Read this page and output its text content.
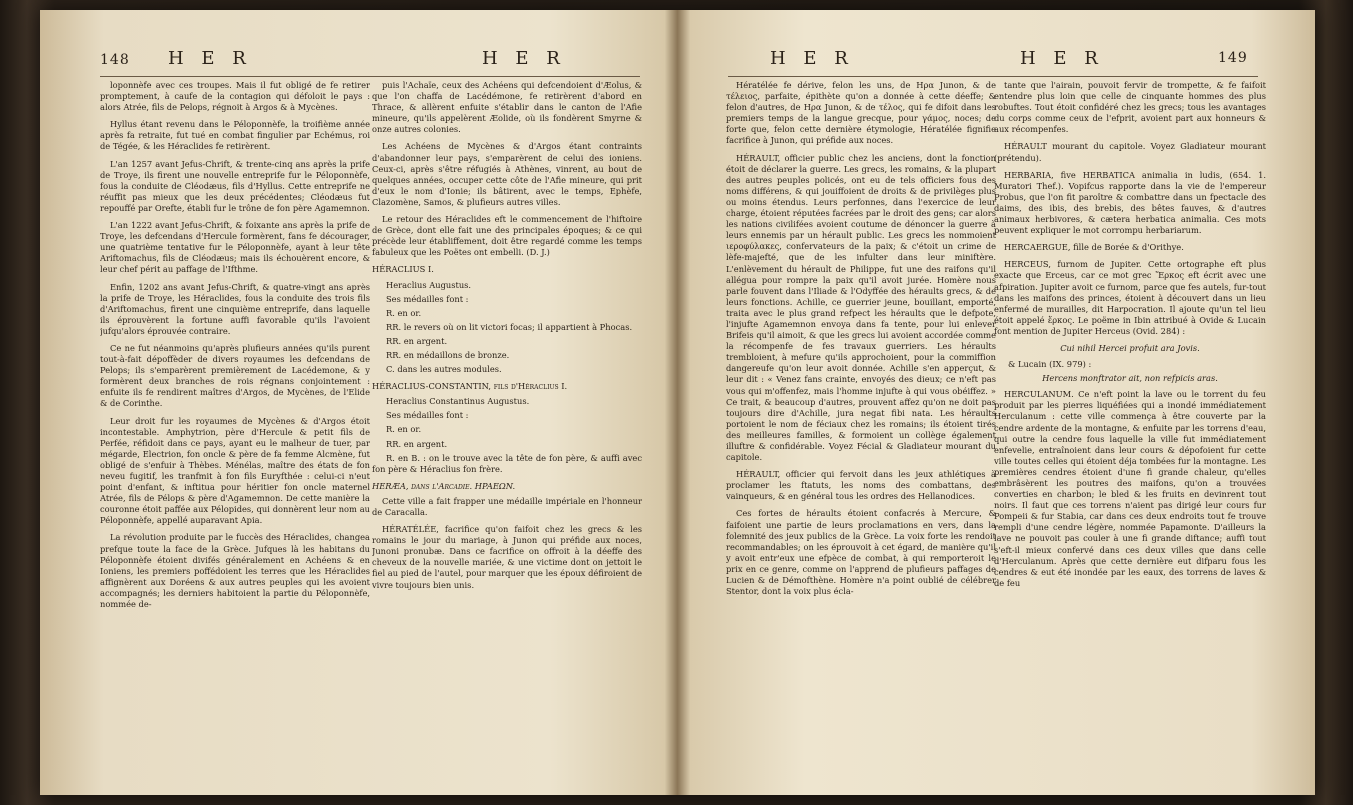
148 H E R	H E R

loponnèfe avec ces troupes. Mais il fut obligé de fe retirer promptement, à caufe de la contagion qui défoloit le pays : alors Atrée, fils de Pelops, régnoit à Argos & à Mycènes.

Hyllus étant revenu dans le Péloponnèfe, la troifième année après fa retraite, fut tué en combat fingulier par Echémus, roi de Tégée, & les Héraclides fe retirèrent.

L'an 1257 avant Jefus-Chrift, & trente-cinq ans après la prife de Troye, ils firent une nouvelle entreprife fur le Péloponnèfe, fous la conduite de Cléodæus, fils d'Hyllus. Cette entreprife ne réuffit pas mieux que les deux précédentes; Cléodæus fut repouffé par Orefte, établi fur le trône de fon père Agamemnon.

L'an 1222 avant Jefus-Chrift, & foixante ans après la prife de Troye, les defcendans d'Hercule formèrent, fans fe décourager, une quatrième tentative fur le Péloponnèfe, ayant à leur tête Ariftomachus, fils de Cléodæus; mais ils échouèrent encore, & leur chef périt au paffage de l'Ifthme.

Enfin, 1202 ans avant Jefus-Chrift, & quatre-vingt ans après la prife de Troye, les Héraclides, fous la conduite des trois fils d'Ariftomachus, firent une cinquième entreprife, dans laquelle ils éprouvèrent la fortune auffi favorable qu'ils l'avoient jufqu'alors éprouvée contraire.

Ce ne fut néanmoins qu'après plufieurs années qu'ils purent tout-à-fait dépoffèder de divers royaumes les defcendans de Pelops; ils s'emparèrent premièrement de Lacédemone, & y formèrent deux branches de rois régnans conjointement : enfuite ils fe rendirent maîtres d'Argos, de Mycènes, de l'Elide & de Corinthe.

Leur droit fur les royaumes de Mycènes & d'Argos étoit incontestable. Amphytrion, père d'Hercule & petit fils de Perfée, réfidoit dans ce pays, ayant eu le malheur de tuer, par mégarde, Electrion, fon oncle & père de fa femme Alcmène, fut obligé de s'enfuir à Thèbes. Ménélas, maître des états de fon neveu fugitif, les tranfmit à fon fils Euryfthée : celui-ci n'eut point d'enfant, & inftitua pour héritier fon oncle maternel Atrée, fils de Pélops & père d'Agamemnon. De cette manière la couronne étoit paffée aux Pélopides, qui donnèrent leur nom au Péloponnèfe, appellé auparavant Apia.

La révolution produite par le fuccès des Héraclides, changea prefque toute la face de la Grèce. Jufques là les habitans du Péloponnèfe étoient divifés généralement en Achéens & en Ioniens, les premiers poffédoient les terres que les Héraclides affignèrent aux Doréens & aux autres peuples qui les avoient accompagnés; les derniers habitoient la partie du Péloponnèfe, nommée de-

puis l'Achaïe, ceux des Achéens qui defcendoient d'Æolus, & que l'on chaffa de Lacédémone, fe retirèrent d'abord en Thrace, & allèrent enfuite s'établir dans le canton de l'Afie mineure, qu'ils appelèrent Æolide, où ils fondèrent Smyrne & onze autres colonies.

Les Achéens de Mycènes & d'Argos étant contraints d'abandonner leur pays, s'emparèrent de celui des ioniens. Ceux-ci, après s'être réfugiés à Athènes, vinrent, au bout de quelques années, occuper cette côte de l'Afie mineure, qui prit d'eux le nom d'Ionie; ils bâtirent, avec le temps, Ephèfe, Clazomène, Samos, & plufieurs autres villes.

Le retour des Héraclides eft le commencement de l'hiftoire de Grèce, dont elle fait une des principales époques; & ce qui précède leur établiffement, doit être regardé comme les temps fabuleux que les Poëtes ont embelli. (D. J.)

HÉRACLIUS I.

Heraclius Augustus.

Ses médailles font :

R. en or.

RR. le revers où on lit victori focas; il appartient à Phocas.

RR. en argent.

RR. en médaillons de bronze.

C. dans les autres modules.

HÉRACLIUS-CONSTANTIN, fils d'Héraclius I.

Heraclius Constantinus Augustus.

Ses médailles font :

R. en or.

RR. en argent.

R. en B. : on le trouve avec la tête de fon père, & auffi avec fon père & Héraclius fon frère.

HERÆA, dans l'Arcadie. HPAEΩN.

Cette ville a fait frapper une médaille impériale en l'honneur de Caracalla.

HÉRATÉLÉE, facrifice qu'on faifoit chez les grecs & les romains le jour du mariage, à Junon qui préfide aux noces, Junoni pronubæ. Dans ce facrifice on offroit à la déeffe des cheveux de la nouvelle mariée, & une victime dont on jettoit le fiel au pied de l'autel, pour marquer que les époux défiroient de vivre toujours bien unis.

H E R	H E R	149

Hératélée fe dérive, felon les uns, de Hρα Junon, & de τέλειος, parfaite, épithète qu'on a donnée à cette déeffe; & felon d'autres, de Hρα Junon, & de τέλος, qui fe difoit dans les premiers temps de la langue grecque, pour γάμος, noces; de forte que, felon cette dernière étymologie, Hératélée fignifie facrifice à Junon, qui préfide aux noces.

HÉRAULT, officier public chez les anciens, dont la fonction étoit de déclarer la guerre. Les grecs, les romains, & la plupart des autres peuples policés, ont eu de tels officiers fous des noms différens, & qui jouiffoient de droits & de privilèges plus ou moins étendus. Leurs perfonnes, dans l'exercice de leur charge, étoient réputées facrées par le droit des gens; car alors les nations civilifées avoient coutume de dénoncer la guerre à leurs ennemis par un hérault public. Les grecs les nommoient ιεροφύλακες, confervateurs de la paix; & c'étoit un crime de lèfe-majefté, que de les infulter dans leur miniftère. L'enlèvement du hérault de Philippe, fut une des raifons qu'il allégua pour rompre la paix qu'il avoit jurée. Homère nous parle fouvent dans l'Iliade & l'Odyffée des héraults grecs, & de leurs fonctions. Achille, ce guerrier jeune, bouillant, emporté, traita avec le plus grand refpect les héraults que le defpote, l'injufte Agamemnon envoya dans fa tente, pour lui enlever Brifeis qu'il aimoit, & que les grecs lui avoient accordée comme la récompenfe de fes travaux guerriers. Les héraults trembloient, à mefure qu'ils approchoient, pour la commiffion dangereufe qu'on leur avoit donnée. Achille s'en apperçut, & leur dit : « Venez fans crainte, envoyés des dieux; ce n'eft pas vous qui m'offenfez, mais l'homme injufte à qui vous obéiffez. » Ce trait, & beaucoup d'autres, prouvent affez qu'on ne doit pas toujours dire d'Achille, jura negat fibi nata. Les héraults portoient le nom de féciaux chez les romains; ils étoient tirés des meilleures familles, & formoient un collège également illuftre & confidérable. Voyez Fécial & Gladiateur mourant du capitole.

HÉRAULT, officier qui fervoit dans les jeux athlétiques à proclamer les ftatuts, les noms des combattans, des vainqueurs, & en général tous les ordres des Hellanodices.

Ces fortes de héraults étoient confacrés à Mercure, & faifoient une partie de leurs proclamations en vers, dans la folemnité des jeux publics de la Grèce. La voix forte les rendoit recommandables; on les éprouvoit à cet égard, de manière qu'il y avoit entr'eux une efpèce de combat, à qui remporteroit le prix en ce genre, comme on l'apprend de plufieurs paffages de Lucien & de Démofthène. Homère n'a point oublié de célébrer Stentor, dont la voix plus écla-

tante que l'airain, pouvoit fervir de trompette, & fe faifoit entendre plus loin que celle de cinquante hommes des plus robuftes. Tout étoit confidéré chez les grecs; tous les avantages du corps comme ceux de l'efprit, avoient part aux honneurs & aux récompenfes.

HÉRAULT mourant du capitole. Voyez Gladiateur mourant (prétendu).

HERBARIA, five HERBATICA animalia in ludis, (654. 1. Muratori Thef.). Vopifcus rapporte dans la vie de l'empereur Probus, que l'on fit paroître & combattre dans un fpectacle des daims, des ibis, des brebis, des bêtes fauves, & d'autres animaux herbivores, & cætera herbatica animalia. Ces mots peuvent expliquer le mot corrompu herbariarum.

HERCAERGUE, fille de Borée & d'Orithye.

HERCEUS, furnom de Jupiter. Cette ortographe eft plus exacte que Erceus, car ce mot grec Ἕρκος eft écrit avec une afpiration. Jupiter avoit ce furnom, parce que fes autels, fur-tout dans les maifons des princes, étoient à découvert dans un lieu enfermé de murailles, dit Harpocration. Il ajoute qu'un tel lieu étoit appelé ἕρκος. Le poëme in Ibin attribué à Ovide & Lucain font mention de Jupiter Herceus (Ovid. 284) :

Cui nihil Hercei profuit ara Jovis.

& Lucain (IX. 979) :

Hercens monftrator ait, non refpicis aras.

HERCULANUM. Ce n'eft point la lave ou le torrent du feu produit par les pierres liquéfiées qui a inondé immédiatement Herculanum : cette ville commença à être couverte par la cendre ardente de la montagne, & enfuite par les torrens d'eau, qui outre la cendre fous laquelle la ville fut immédiatement enfevelie, entraînoient dans leur cours & dépofoient fur cette ville toutes celles qui étoient déja tombées fur la montagne. Les premières cendres étoient d'une fi grande chaleur, qu'elles embrâsèrent les poutres des maifons, qu'on a trouvées converties en charbon; le bled & les fruits en devinrent tout noirs. Il faut que ces torrens n'aient pas dirigé leur cours fur Pompeii & fur Stabia, car dans ces deux endroits tout fe trouve rempli d'une cendre légère, nommée Papamonte. D'ailleurs la lave ne pouvoit pas couler à une fi grande diftance; auffi tout s'eft-il mieux confervé dans ces deux villes que dans celle d'Herculanum. Après que cette dernière eut difparu fous les cendres & eut été inondée par les eaux, des torrens de laves & de feu
